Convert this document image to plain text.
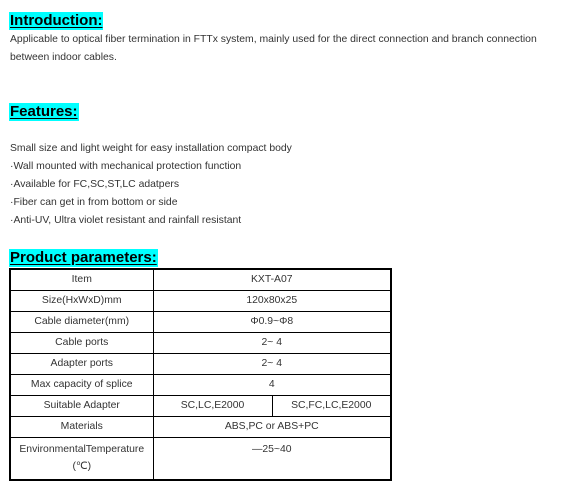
Introduction:

Applicable to optical fiber termination in FTTx system, mainly used for the direct connection and branch connection

between indoor cables.

Features:

Small size and light weight for easy installation compact body

·Wall mounted with mechanical protection function

·Available for FC,SC,ST,LC adatpers

·Fiber can get in from bottom or side

·Anti-UV, Ultra violet resistant and rainfall resistant

Product parameters:
Item	KXT-A07	
Size(HxWxD)mm	120x80x25	
Cable diameter(mm)	Φ0.9~Φ8	
Cable ports	2~ 4	
Adapter ports	2~ 4	
Max capacity of splice	4	
Suitable Adapter	SC,LC,E2000	SC,FC,LC,E2000
Materials	ABS,PC or ABS+PC	
EnvironmentalTemperature
(℃)	—25~40	
